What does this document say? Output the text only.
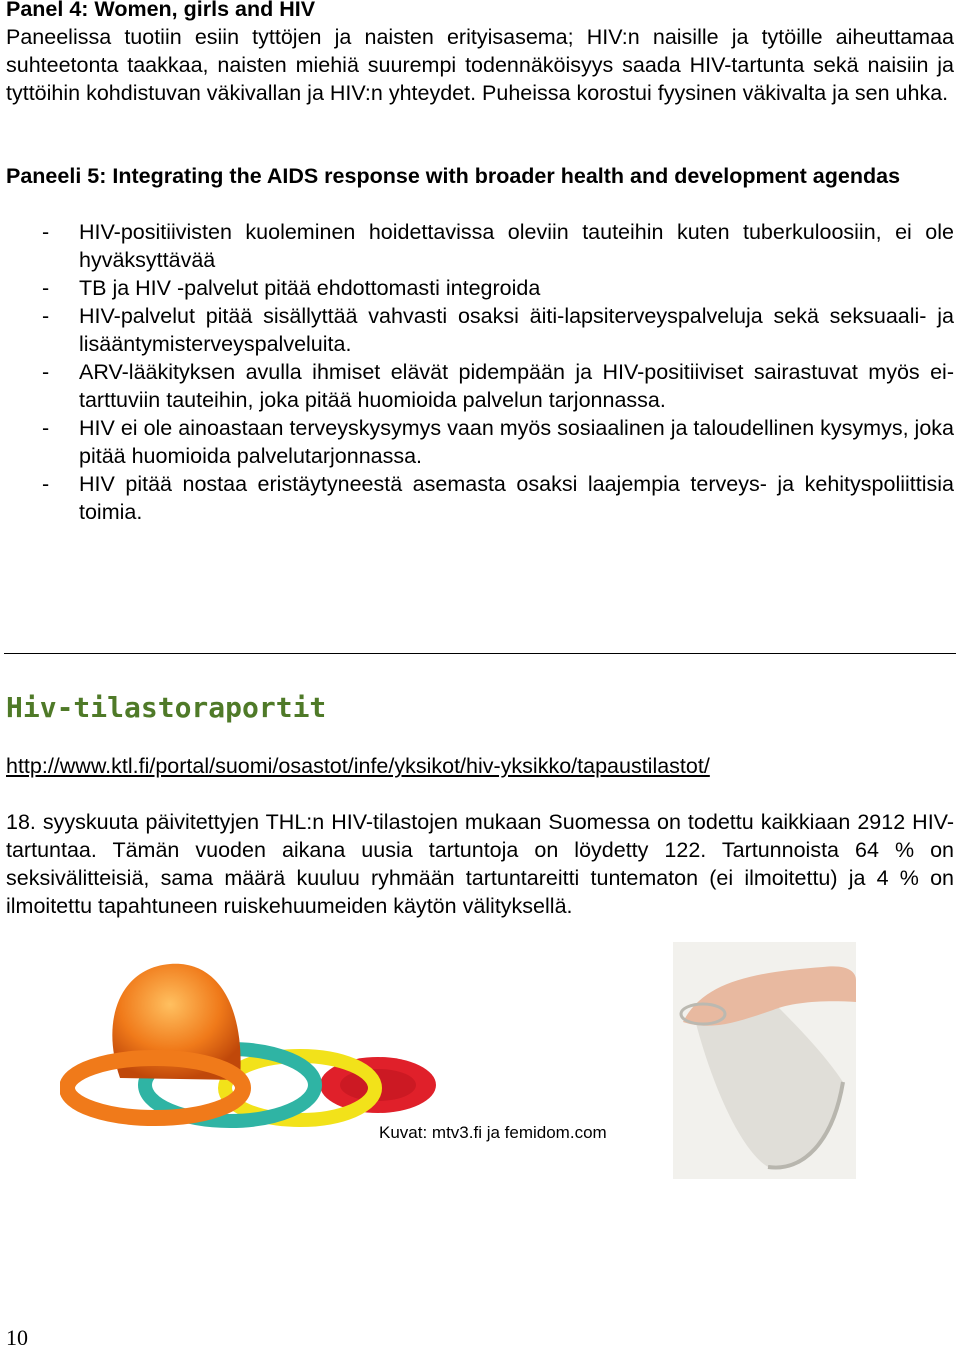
Panel 4: Women, girls and HIV
Paneelissa tuotiin esiin tyttöjen ja naisten erityisasema; HIV:n naisille ja tytöille aiheuttamaa suhteetonta taakkaa, naisten miehiä suurempi todennäköisyys saada HIV-tartunta sekä naisiin ja tyttöihin kohdistuvan väkivallan ja HIV:n yhteydet. Puheissa korostui fyysinen väkivalta ja sen uhka.
Paneeli 5: Integrating the AIDS response with broader health and development agendas
- HIV-positiivisten kuoleminen hoidettavissa oleviin tauteihin kuten tuberkuloosiin, ei ole hyväksyttävää
- TB ja HIV -palvelut pitää ehdottomasti integroida
- HIV-palvelut pitää sisällyttää vahvasti osaksi äiti-lapsiterveyspalveluja sekä seksuaali- ja lisääntymisterveyspalveluita.
- ARV-lääkityksen avulla ihmiset elävät pidempään ja HIV-positiiviset sairastuvat myös ei-tarttuviin tauteihin, joka pitää huomioida palvelun tarjonnassa.
- HIV ei ole ainoastaan terveyskysymys vaan myös sosiaalinen ja taloudellinen kysymys, joka pitää huomioida palvelutarjonnassa.
- HIV pitää nostaa eristäytyneestä asemasta osaksi laajempia terveys- ja kehityspoliittisia toimia.
Hiv-tilastoraportit
http://www.ktl.fi/portal/suomi/osastot/infe/yksikot/hiv-yksikko/tapaustilastot/
18. syyskuuta päivitettyjen THL:n HIV-tilastojen mukaan Suomessa on todettu kaikkiaan 2912 HIV-tartuntaa. Tämän vuoden aikana uusia tartuntoja on löydetty 122. Tartunnoista 64 % on seksivälitteisiä, sama määrä kuuluu ryhmään tartuntareitti tuntematon (ei ilmoitettu) ja 4 % on ilmoitettu tapahtuneen ruiskehuumeiden käytön välityksellä.
Kuvat: mtv3.fi ja femidom.com
10
